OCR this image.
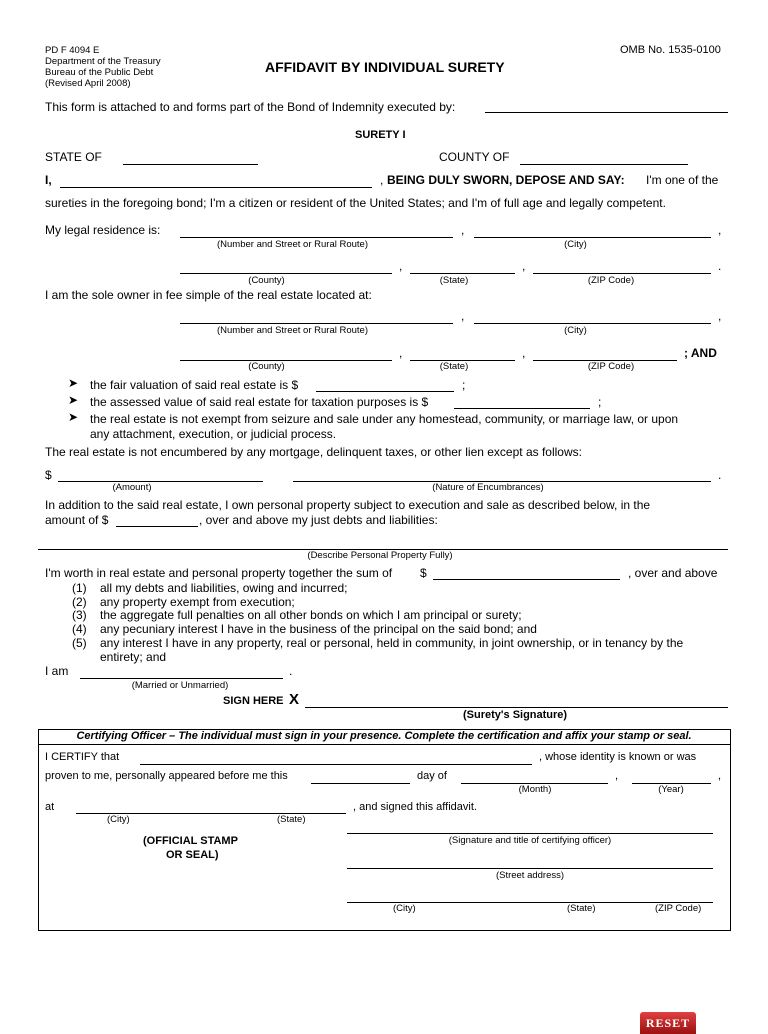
PD F 4094 E
Department of the Treasury
Bureau of the Public Debt
(Revised April 2008)
OMB No. 1535-0100
AFFIDAVIT BY INDIVIDUAL SURETY
This form is attached to and forms part of the Bond of Indemnity executed by:
SURETY I
STATE OF	COUNTY OF
I,	, BEING DULY SWORN, DEPOSE AND SAY: I'm one of the
sureties in the foregoing bond; I'm a citizen or resident of the United States; and I'm of full age and legally competent.
My legal residence is:	,	,
(Number and Street or Rural Route)	(City)
,	,	.
(County)	(State)	(ZIP Code)
I am the sole owner in fee simple of the real estate located at:
,	,
(Number and Street or Rural Route)	(City)
,	,	; AND
(County)	(State)	(ZIP Code)
➤ the fair valuation of said real estate is $	;
➤ the assessed value of said real estate for taxation purposes is $	;
➤ the real estate is not exempt from seizure and sale under any homestead, community, or marriage law, or upon
any attachment, execution, or judicial process.
The real estate is not encumbered by any mortgage, delinquent taxes, or other lien except as follows:
$	.
(Amount)	(Nature of Encumbrances)
In addition to the said real estate, I own personal property subject to execution and sale as described below, in the
amount of $	, over and above my just debts and liabilities:
(Describe Personal Property Fully)
I'm worth in real estate and personal property together the sum of $	, over and above
(1) all my debts and liabilities, owing and incurred;
(2) any property exempt from execution;
(3) the aggregate full penalties on all other bonds on which I am principal or surety;
(4) any pecuniary interest I have in the business of the principal on the said bond; and
(5) any interest I have in any property, real or personal, held in community, in joint ownership, or in tenancy by the
entirety; and
I am	.
(Married or Unmarried)
SIGN HERE X
(Surety's Signature)
Certifying Officer – The individual must sign in your presence. Complete the certification and affix your stamp or seal.
I CERTIFY that	, whose identity is known or was
proven to me, personally appeared before me this	day of	,	,
(Month)	(Year)
at	, and signed this affidavit.
(City)	(State)
(OFFICIAL STAMP
OR SEAL)
(Signature and title of certifying officer)
(Street address)
(City)	(State)	(ZIP Code)
RESET
